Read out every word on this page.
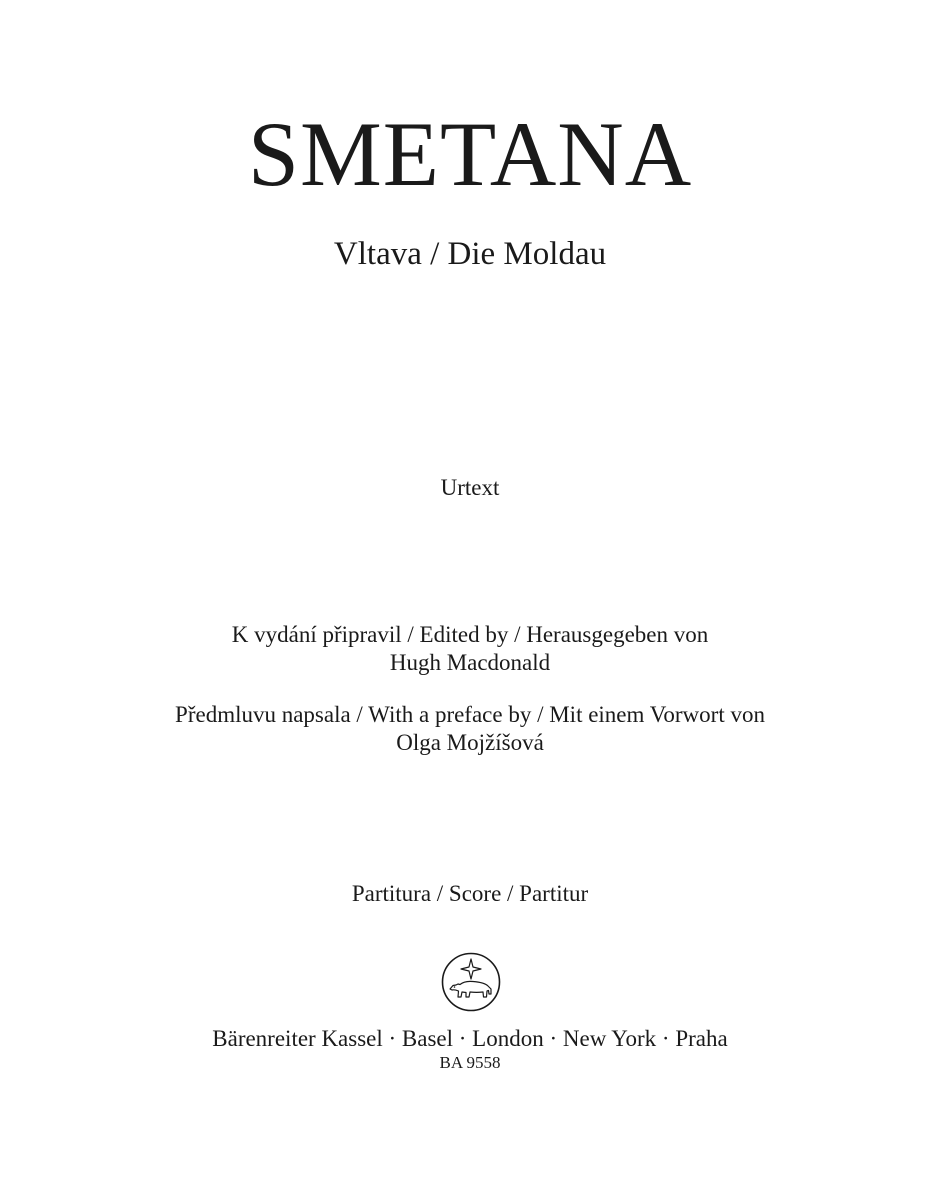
SMETANA
Vltava / Die Moldau
Urtext
K vydání připravil / Edited by / Herausgegeben von
Hugh Macdonald
Předmluvu napsala / With a preface by / Mit einem Vorwort von
Olga Mojžíšová
Partitura / Score / Partitur
Bärenreiter Kassel · Basel · London · New York · Praha
BA 9558
